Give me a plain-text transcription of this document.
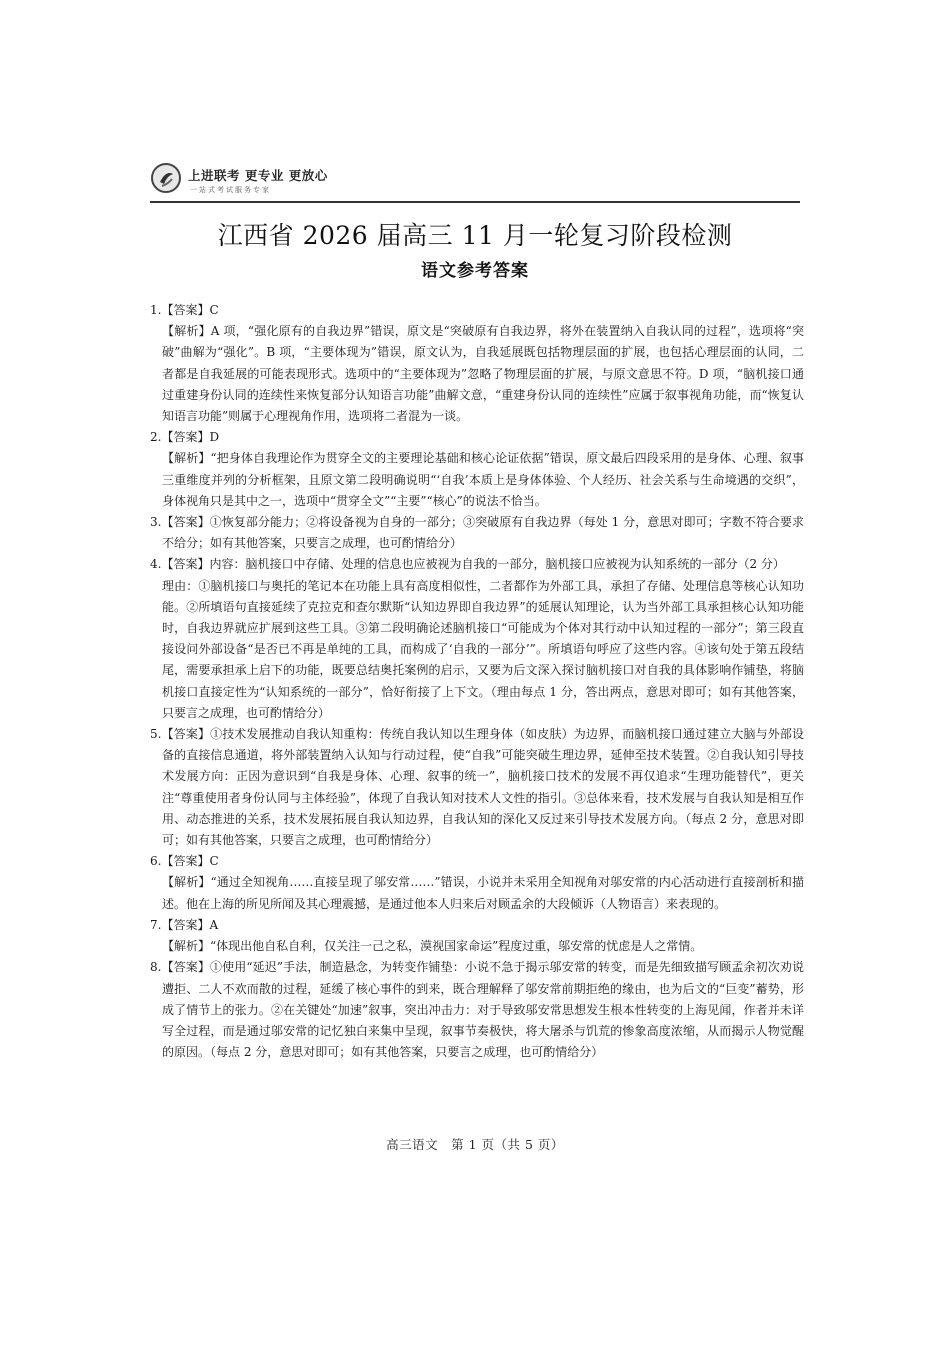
上进联考 更专业 更放心
一站式考试服务专家
江西省 2026 届高三 11 月一轮复习阶段检测
语文参考答案

1.【答案】C

【解析】A 项，“强化原有的自我边界”错误，原文是“突破原有自我边界，将外在装置纳入自我认同的过程”，选项将“突破”曲解为“强化”。B 项，“主要体现为”错误，原文认为，自我延展既包括物理层面的扩展，也包括心理层面的认同，二者都是自我延展的可能表现形式。选项中的“主要体现为”忽略了物理层面的扩展，与原文意思不符。D 项，“脑机接口通过重建身份认同的连续性来恢复部分认知语言功能”曲解文意，“重建身份认同的连续性”应属于叙事视角功能，而“恢复认知语言功能”则属于心理视角作用，选项将二者混为一谈。

2.【答案】D

【解析】“把身体自我理论作为贯穿全文的主要理论基础和核心论证依据”错误，原文最后四段采用的是身体、心理、叙事三重维度并列的分析框架，且原文第二段明确说明“‘自我’本质上是身体体验、个人经历、社会关系与生命境遇的交织”，身体视角只是其中之一，选项中“贯穿全文”“主要”“核心”的说法不恰当。

3.【答案】①恢复部分能力；②将设备视为自身的一部分；③突破原有自我边界（每处 1 分，意思对即可；字数不符合要求不给分；如有其他答案，只要言之成理，也可酌情给分）

4.【答案】内容：脑机接口中存储、处理的信息也应被视为自我的一部分，脑机接口应被视为认知系统的一部分（2 分）

理由：①脑机接口与奥托的笔记本在功能上具有高度相似性，二者都作为外部工具，承担了存储、处理信息等核心认知功能。②所填语句直接延续了克拉克和查尔默斯“认知边界即自我边界”的延展认知理论，认为当外部工具承担核心认知功能时，自我边界就应扩展到这些工具。③第二段明确论述脑机接口“可能成为个体对其行动中认知过程的一部分”；第三段直接设问外部设备“是否已不再是单纯的工具，而构成了‘自我的一部分’”。所填语句呼应了这些内容。④该句处于第五段结尾，需要承担承上启下的功能，既要总结奥托案例的启示，又要为后文深入探讨脑机接口对自我的具体影响作铺垫，将脑机接口直接定性为“认知系统的一部分”，恰好衔接了上下文。（理由每点 1 分，答出两点，意思对即可；如有其他答案，只要言之成理，也可酌情给分）

5.【答案】①技术发展推动自我认知重构：传统自我认知以生理身体（如皮肤）为边界，而脑机接口通过建立大脑与外部设备的直接信息通道，将外部装置纳入认知与行动过程，使“自我”可能突破生理边界，延伸至技术装置。②自我认知引导技术发展方向：正因为意识到“自我是身体、心理、叙事的统一”，脑机接口技术的发展不再仅追求“生理功能替代”，更关注“尊重使用者身份认同与主体经验”，体现了自我认知对技术人文性的指引。③总体来看，技术发展与自我认知是相互作用、动态推进的关系，技术发展拓展自我认知边界，自我认知的深化又反过来引导技术发展方向。（每点 2 分，意思对即可；如有其他答案，只要言之成理，也可酌情给分）

6.【答案】C

【解析】“通过全知视角……直接呈现了邬安常……”错误，小说并未采用全知视角对邬安常的内心活动进行直接剖析和描述。他在上海的所见所闻及其心理震撼，是通过他本人归来后对顾孟余的大段倾诉（人物语言）来表现的。

7.【答案】A

【解析】“体现出他自私自利，仅关注一己之私，漠视国家命运”程度过重，邬安常的忧虑是人之常情。

8.【答案】①使用“延迟”手法，制造悬念，为转变作铺垫：小说不急于揭示邬安常的转变，而是先细致描写顾孟余初次劝说遭拒、二人不欢而散的过程，延缓了核心事件的到来，既合理解释了邬安常前期拒绝的缘由，也为后文的“巨变”蓄势，形成了情节上的张力。②在关键处“加速”叙事，突出冲击力：对于导致邬安常思想发生根本性转变的上海见闻，作者并未详写全过程，而是通过邬安常的记忆独白来集中呈现，叙事节奏极快，将大屠杀与饥荒的惨象高度浓缩，从而揭示人物觉醒的原因。（每点 2 分，意思对即可；如有其他答案，只要言之成理，也可酌情给分）

高三语文　第 1 页（共 5 页）
